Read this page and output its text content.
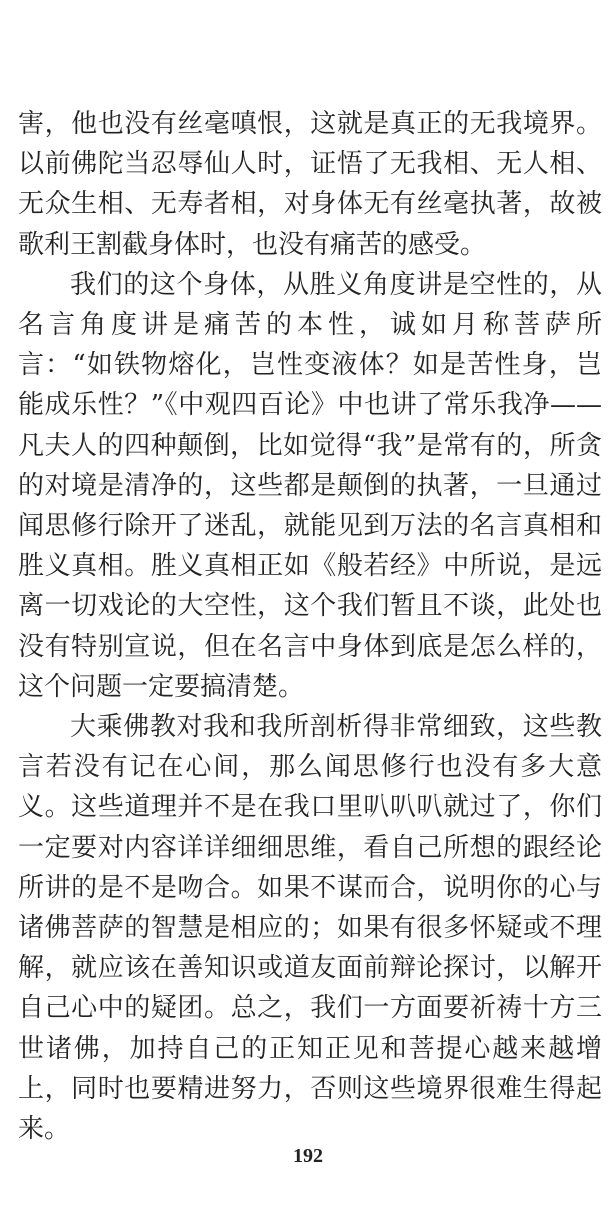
害，他也没有丝毫嗔恨，这就是真正的无我境界。以前佛陀当忍辱仙人时，证悟了无我相、无人相、无众生相、无寿者相，对身体无有丝毫执著，故被歌利王割截身体时，也没有痛苦的感受。

我们的这个身体，从胜义角度讲是空性的，从名言角度讲是痛苦的本性，诚如月称菩萨所言：“如铁物熔化，岂性变液体？如是苦性身，岂能成乐性？”《中观四百论》中也讲了常乐我净——凡夫人的四种颠倒，比如觉得“我”是常有的，所贪的对境是清净的，这些都是颠倒的执著，一旦通过闻思修行除开了迷乱，就能见到万法的名言真相和胜义真相。胜义真相正如《般若经》中所说，是远离一切戏论的大空性，这个我们暂且不谈，此处也没有特别宣说，但在名言中身体到底是怎么样的，这个问题一定要搞清楚。

大乘佛教对我和我所剖析得非常细致，这些教言若没有记在心间，那么闻思修行也没有多大意义。这些道理并不是在我口里叭叭叭就过了，你们一定要对内容详详细细思维，看自己所想的跟经论所讲的是不是吻合。如果不谋而合，说明你的心与诸佛菩萨的智慧是相应的；如果有很多怀疑或不理解，就应该在善知识或道友面前辩论探讨，以解开自己心中的疑团。总之，我们一方面要祈祷十方三世诸佛，加持自己的正知正见和菩提心越来越增上，同时也要精进努力，否则这些境界很难生得起来。

192
